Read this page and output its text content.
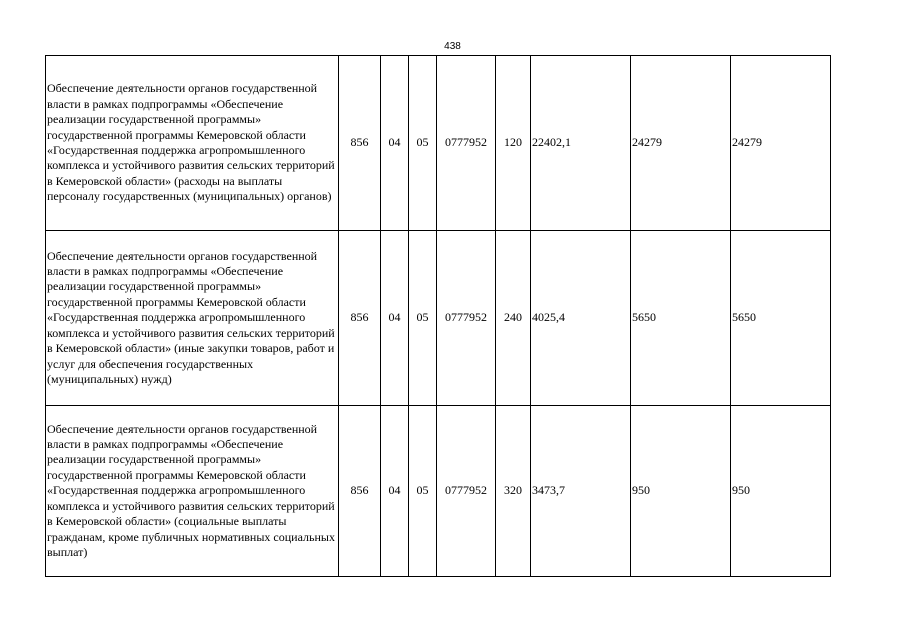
438
Обеспечение деятельности органов государственной власти в рамках подпрограммы «Обеспечение реализации государственной программы» государственной программы Кемеровской области «Государственная поддержка агропромышленного комплекса и устойчивого развития сельских территорий в Кемеровской области» (расходы на выплаты персоналу государственных (муниципальных) органов)	856	04	05	0777952	120	22402,1	24279	24279
Обеспечение деятельности органов государственной власти в рамках подпрограммы «Обеспечение реализации государственной программы» государственной программы Кемеровской области «Государственная поддержка агропромышленного комплекса и устойчивого развития сельских территорий в Кемеровской области» (иные закупки товаров, работ и услуг для обеспечения государственных (муниципальных) нужд)	856	04	05	0777952	240	4025,4	5650	5650
Обеспечение деятельности органов государственной власти в рамках подпрограммы «Обеспечение реализации государственной программы» государственной программы Кемеровской области «Государственная поддержка агропромышленного комплекса и устойчивого развития сельских территорий в Кемеровской области» (социальные выплаты гражданам, кроме публичных нормативных социальных выплат)	856	04	05	0777952	320	3473,7	950	950
